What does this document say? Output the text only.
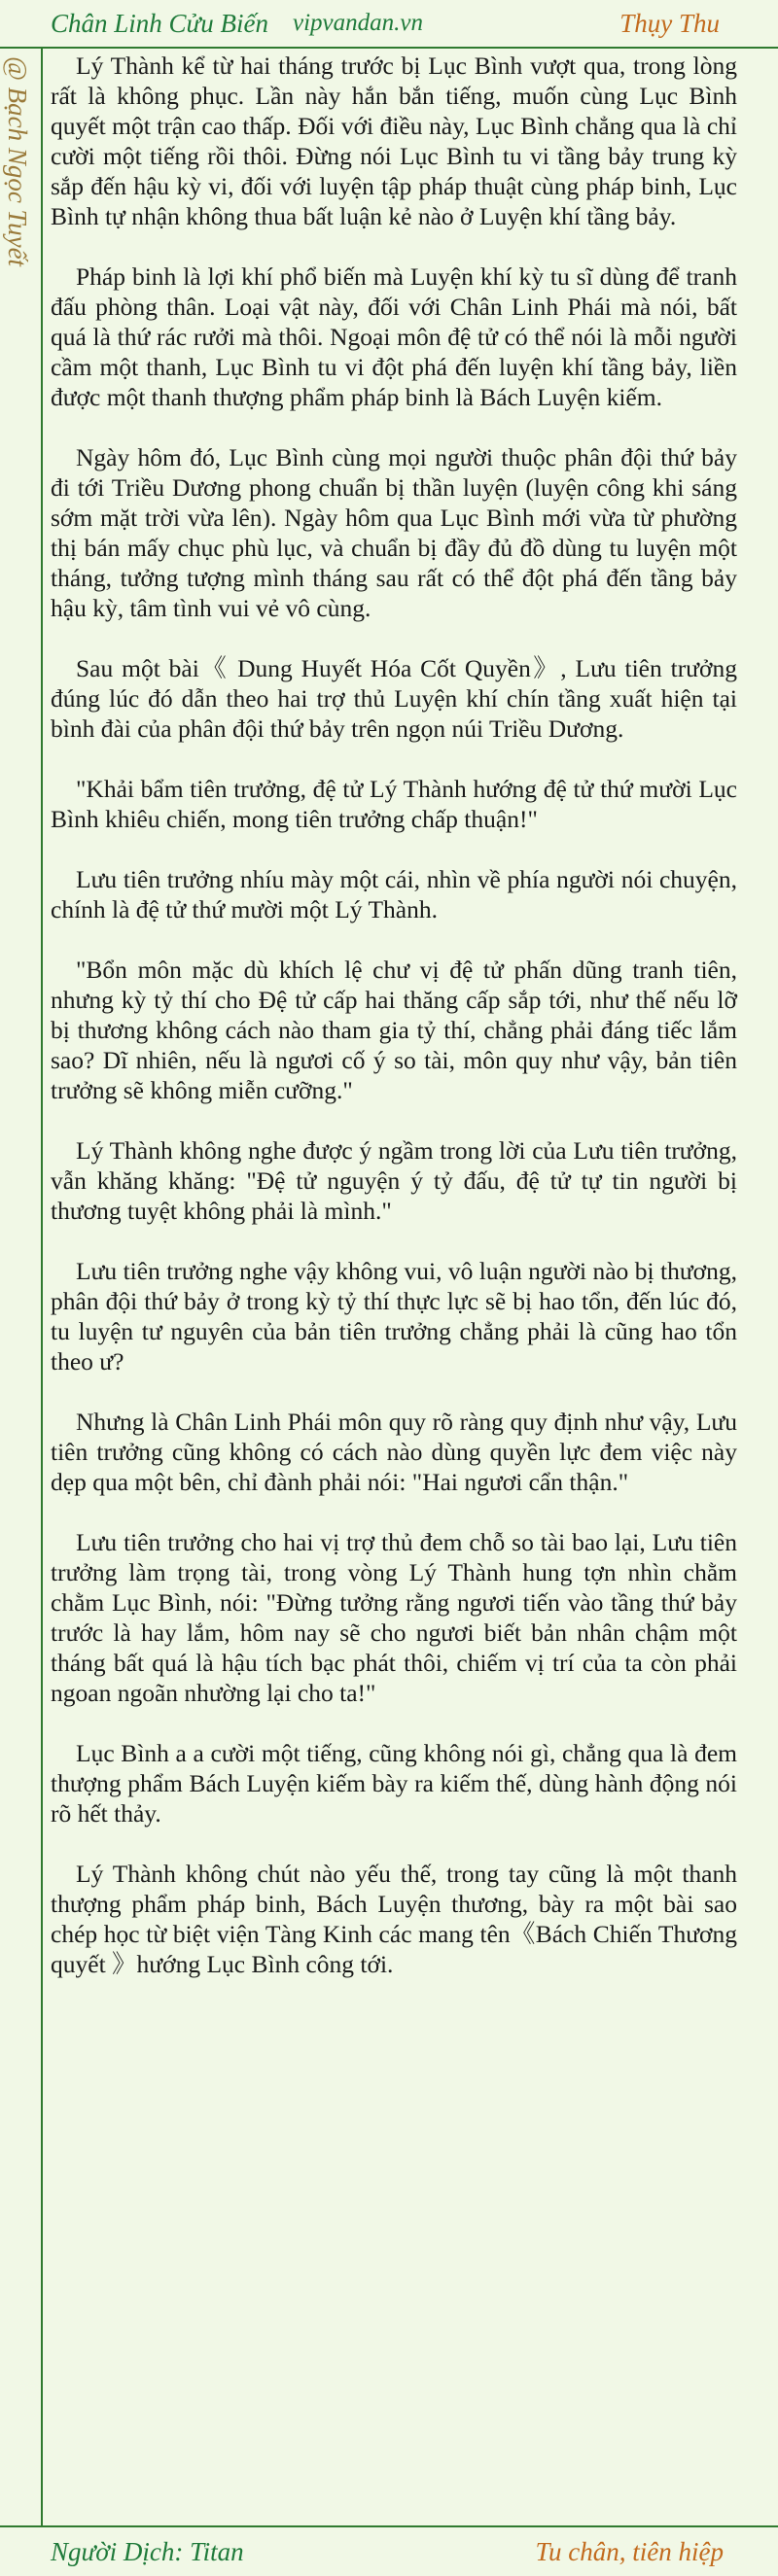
Chân Linh Cửu Biến vipvandan.vn	Thụy Thu
@ Bạch Ngọc Tuyết	Lý Thành kể từ hai tháng trước bị Lục Bình vượt qua, trong lòng rất là không phục. Lần này hắn bắn tiếng, muốn cùng Lục Bình quyết một trận cao thấp. Đối với điều này, Lục Bình chẳng qua là chỉ cười một tiếng rồi thôi. Đừng nói Lục Bình tu vi tầng bảy trung kỳ sắp đến hậu kỳ vi, đối với luyện tập pháp thuật cùng pháp binh, Lục Bình tự nhận không thua bất luận kẻ nào ở Luyện khí tầng bảy.

Pháp binh là lợi khí phổ biến mà Luyện khí kỳ tu sĩ dùng để tranh đấu phòng thân. Loại vật này, đối với Chân Linh Phái mà nói, bất quá là thứ rác rưởi mà thôi. Ngoại môn đệ tử có thể nói là mỗi người cầm một thanh, Lục Bình tu vi đột phá đến luyện khí tầng bảy, liền được một thanh thượng phẩm pháp binh là Bách Luyện kiếm.

Ngày hôm đó, Lục Bình cùng mọi người thuộc phân đội thứ bảy đi tới Triều Dương phong chuẩn bị thần luyện (luyện công khi sáng sớm mặt trời vừa lên). Ngày hôm qua Lục Bình mới vừa từ phường thị bán mấy chục phù lục, và chuẩn bị đầy đủ đồ dùng tu luyện một tháng, tưởng tượng mình tháng sau rất có thể đột phá đến tầng bảy hậu kỳ, tâm tình vui vẻ vô cùng.

Sau một bài《 Dung Huyết Hóa Cốt Quyền》, Lưu tiên trưởng đúng lúc đó dẫn theo hai trợ thủ Luyện khí chín tầng xuất hiện tại bình đài của phân đội thứ bảy trên ngọn núi Triều Dương.

"Khải bẩm tiên trưởng, đệ tử Lý Thành hướng đệ tử thứ mười Lục Bình khiêu chiến, mong tiên trưởng chấp thuận!"

Lưu tiên trưởng nhíu mày một cái, nhìn về phía người nói chuyện, chính là đệ tử thứ mười một Lý Thành.

"Bổn môn mặc dù khích lệ chư vị đệ tử phấn dũng tranh tiên, nhưng kỳ tỷ thí cho Đệ tử cấp hai thăng cấp sắp tới, như thế nếu lỡ bị thương không cách nào tham gia tỷ thí, chẳng phải đáng tiếc lắm sao? Dĩ nhiên, nếu là ngươi cố ý so tài, môn quy như vậy, bản tiên trưởng sẽ không miễn cưỡng."

Lý Thành không nghe được ý ngầm trong lời của Lưu tiên trưởng, vẫn khăng khăng: "Đệ tử nguyện ý tỷ đấu, đệ tử tự tin người bị thương tuyệt không phải là mình."

Lưu tiên trưởng nghe vậy không vui, vô luận người nào bị thương, phân đội thứ bảy ở trong kỳ tỷ thí thực lực sẽ bị hao tổn, đến lúc đó, tu luyện tư nguyên của bản tiên trưởng chẳng phải là cũng hao tổn theo ư?

Nhưng là Chân Linh Phái môn quy rõ ràng quy định như vậy, Lưu tiên trưởng cũng không có cách nào dùng quyền lực đem việc này dẹp qua một bên, chỉ đành phải nói: "Hai ngươi cẩn thận."

Lưu tiên trưởng cho hai vị trợ thủ đem chỗ so tài bao lại, Lưu tiên trưởng làm trọng tài, trong vòng Lý Thành hung tợn nhìn chằm chằm Lục Bình, nói: "Đừng tưởng rằng ngươi tiến vào tầng thứ bảy trước là hay lắm, hôm nay sẽ cho ngươi biết bản nhân chậm một tháng bất quá là hậu tích bạc phát thôi, chiếm vị trí của ta còn phải ngoan ngoãn nhường lại cho ta!"

Lục Bình a a cười một tiếng, cũng không nói gì, chẳng qua là đem thượng phẩm Bách Luyện kiếm bày ra kiếm thế, dùng hành động nói rõ hết thảy.

Lý Thành không chút nào yếu thế, trong tay cũng là một thanh thượng phẩm pháp binh, Bách Luyện thương, bày ra một bài sao chép học từ biệt viện Tàng Kinh các mang tên《Bách Chiến Thương quyết 》hướng Lục Bình công tới.

Người Dịch: Titan	Tu chân, tiên hiệp
